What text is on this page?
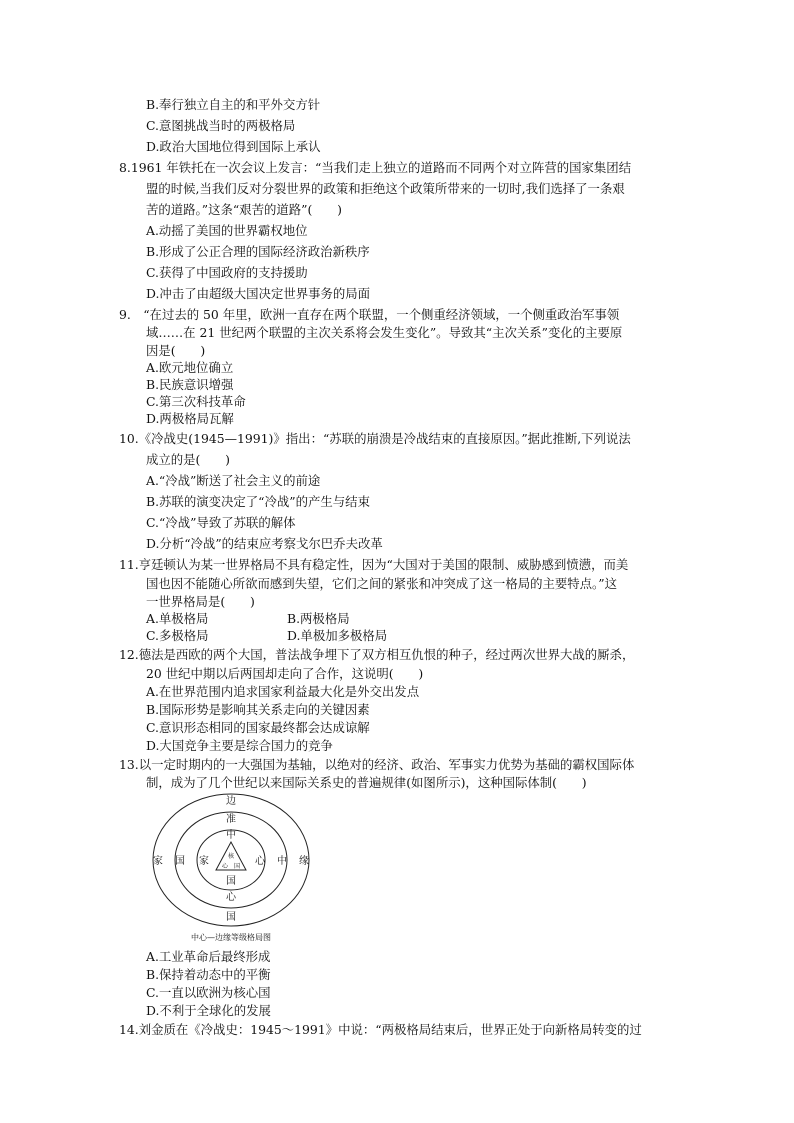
B.奉行独立自主的和平外交方针
C.意图挑战当时的两极格局
D.政治大国地位得到国际上承认
8.1961 年铁托在一次会议上发言：“当我们走上独立的道路而不同两个对立阵营的国家集团结
盟的时候,当我们反对分裂世界的政策和拒绝这个政策所带来的一切时,我们选择了一条艰
苦的道路。”这条“艰苦的道路”(　　)
A.动摇了美国的世界霸权地位
B.形成了公正合理的国际经济政治新秩序
C.获得了中国政府的支持援助
D.冲击了由超级大国决定世界事务的局面
9.　“在过去的 50 年里，欧洲一直存在两个联盟，一个侧重经济领域，一个侧重政治军事领
域……在 21 世纪两个联盟的主次关系将会发生变化”。导致其“主次关系”变化的主要原
因是(　　)
A.欧元地位确立
B.民族意识增强
C.第三次科技革命
D.两极格局瓦解
10.《冷战史(1945—1991)》指出：“苏联的崩溃是冷战结束的直接原因。”据此推断,下列说法
成立的是(　　)
A.“冷战”断送了社会主义的前途
B.苏联的演变决定了“冷战”的产生与结束
C.“冷战”导致了苏联的解体
D.分析“冷战”的结束应考察戈尔巴乔夫改革
11.亨廷顿认为某一世界格局不具有稳定性，因为“大国对于美国的限制、威胁感到愤懑，而美
国也因不能随心所欲而感到失望，它们之间的紧张和冲突成了这一格局的主要特点。”这
一世界格局是(　　)
A.单极格局	B.两极格局
C.多极格局	D.单极加多极格局
12.德法是西欧的两个大国，普法战争埋下了双方相互仇恨的种子，经过两次世界大战的厮杀，
20 世纪中期以后两国却走向了合作，这说明(　　)
A.在世界范围内追求国家利益最大化是外交出发点
B.国际形势是影响其关系走向的关键因素
C.意识形态相同的国家最终都会达成谅解
D.大国竞争主要是综合国力的竞争
13.以一定时期内的一大强国为基轴，以绝对的经济、政治、军事实力优势为基础的霸权国际体
制，成为了几个世纪以来国际关系史的普遍规律(如图所示)，这种国际体制(　　)
边
准
中
家 国 家	心 中 缘
国
心
国
核
心 国
中心—边缘等级格局图
A.工业革命后最终形成
B.保持着动态中的平衡
C.一直以欧洲为核心国
D.不利于全球化的发展
14.刘金质在《冷战史：1945～1991》中说：“两极格局结束后，世界正处于向新格局转变的过
